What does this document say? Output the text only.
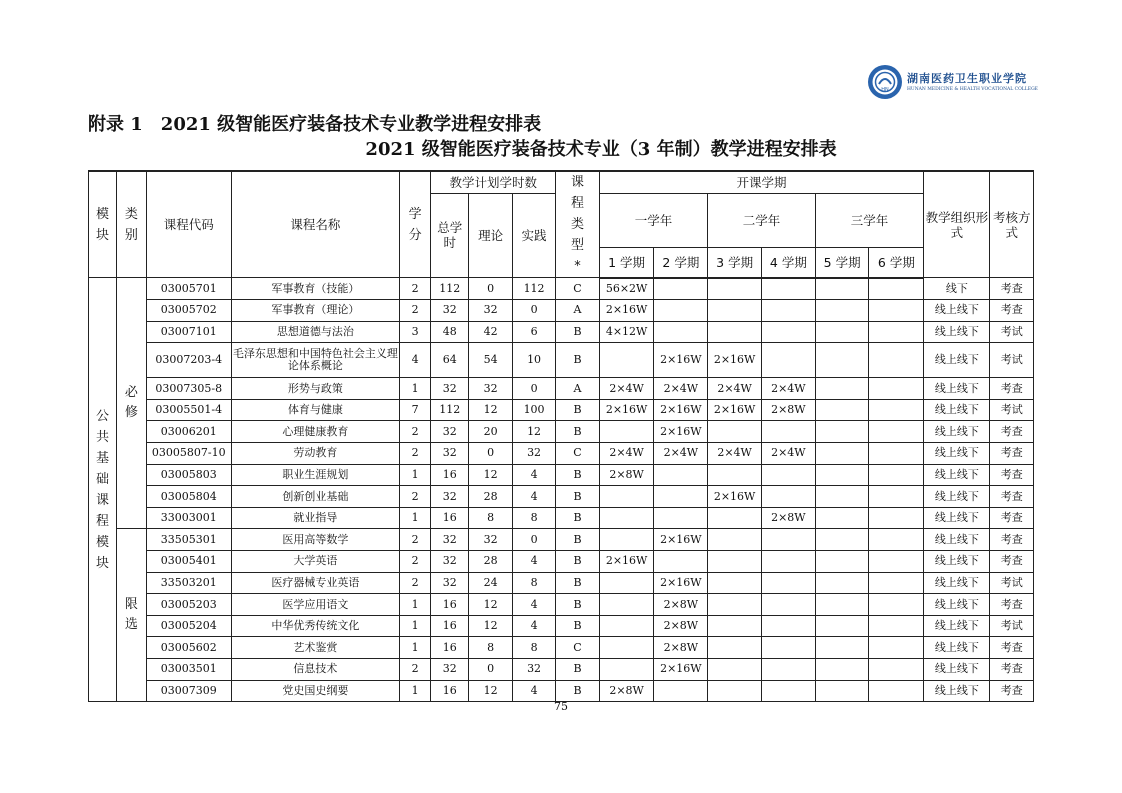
HN
湖南医药卫生职业学院
HUNAN MEDICINE & HEALTH VOCATIONAL COLLEGE
附录 1　2021 级智能医疗装备技术专业教学进程安排表
2021 级智能医疗装备技术专业（3 年制）教学进程安排表
模块	类别	课程代码	课程名称	学分	教学计划学时数			课程类型*	开课学期						教学组织形式	考核方式
					总学时	理论	实践		一学年		二学年		三学年			
									1 学期	2 学期	3 学期	4 学期	5 学期	6 学期		
公共基础课程模块	必修	03005701	军事教育（技能）	2	112	0	112	C	56×2W						线下	考查
		03005702	军事教育（理论）	2	32	32	0	A	2×16W						线上线下	考查
		03007101	思想道德与法治	3	48	42	6	B	4×12W						线上线下	考试
		03007203-4	毛泽东思想和中国特色社会主义理论体系概论	4	64	54	10	B		2×16W	2×16W				线上线下	考试
		03007305-8	形势与政策	1	32	32	0	A	2×4W	2×4W	2×4W	2×4W			线上线下	考查
		03005501-4	体育与健康	7	112	12	100	B	2×16W	2×16W	2×16W	2×8W			线上线下	考试
		03006201	心理健康教育	2	32	20	12	B		2×16W					线上线下	考查
		03005807-10	劳动教育	2	32	0	32	C	2×4W	2×4W	2×4W	2×4W			线上线下	考查
		03005803	职业生涯规划	1	16	12	4	B	2×8W						线上线下	考查
		03005804	创新创业基础	2	32	28	4	B			2×16W				线上线下	考查
		33003001	就业指导	1	16	8	8	B				2×8W			线上线下	考查
	限选	33505301	医用高等数学	2	32	32	0	B		2×16W					线上线下	考查
		03005401	大学英语	2	32	28	4	B	2×16W						线上线下	考查
		33503201	医疗器械专业英语	2	32	24	8	B		2×16W					线上线下	考试
		03005203	医学应用语文	1	16	12	4	B		2×8W					线上线下	考查
		03005204	中华优秀传统文化	1	16	12	4	B		2×8W					线上线下	考试
		03005602	艺术鉴赏	1	16	8	8	C		2×8W					线上线下	考查
		03003501	信息技术	2	32	0	32	B		2×16W					线上线下	考查
		03007309	党史国史纲要	1	16	12	4	B	2×8W						线上线下	考查
75
